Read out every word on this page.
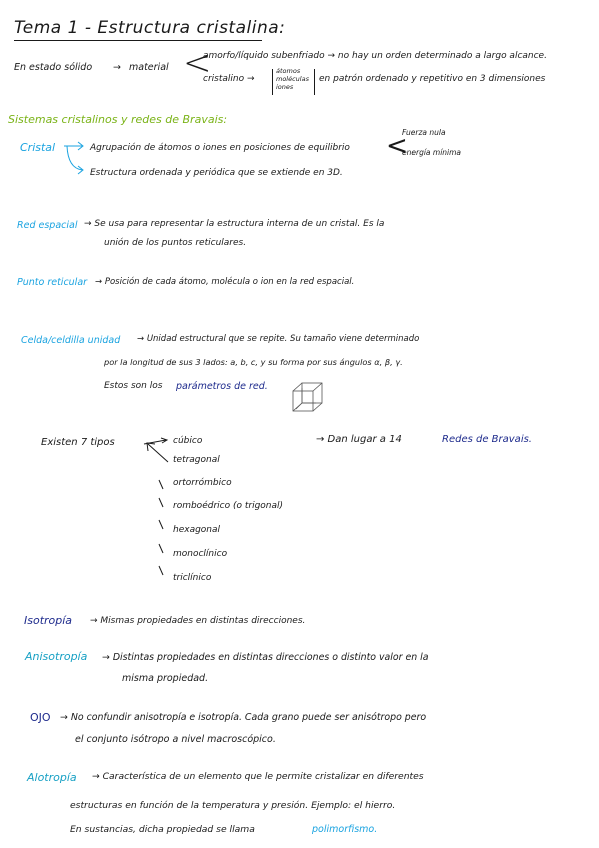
Tema 1 - Estructura cristalina:
En estado sólido → material <
amorfo/líquido subenfriado → no hay un orden determinado a largo alcance.
cristalino →
átomos
moléculas
iones
en patrón ordenado y repetitivo en 3 dimensiones
Sistemas cristalinos y redes de Bravais:
Cristal	Agrupación de átomos o iones en posiciones de equilibrio <
Fuerza nula
energía mínima
Estructura ordenada y periódica que se extiende en 3D.
Red espacial → Se usa para representar la estructura interna de un cristal. Es la
unión de los puntos reticulares.
Punto reticular → Posición de cada átomo, molécula o ion en la red espacial.
Celda/celdilla unidad → Unidad estructural que se repite. Su tamaño viene determinado
por la longitud de sus 3 lados: a, b, c, y su forma por sus ángulos α, β, γ.
Estos son los parámetros de red.
Existen 7 tipos	cúbico
tetragonal
ortorrómbico
romboédrico (o trigonal)
hexagonal
monoclínico
triclínico
→ Dan lugar a 14	Redes de Bravais.
Isotropía → Mismas propiedades en distintas direcciones.
Anisotropía → Distintas propiedades en distintas direcciones o distinto valor en la
misma propiedad.
OJO → No confundir anisotropía e isotropía. Cada grano puede ser anisótropo pero
el conjunto isótropo a nivel macroscópico.
Alotropía → Característica de un elemento que le permite cristalizar en diferentes
estructuras en función de la temperatura y presión. Ejemplo: el hierro.
En sustancias, dicha propiedad se llama	polimorfismo.
